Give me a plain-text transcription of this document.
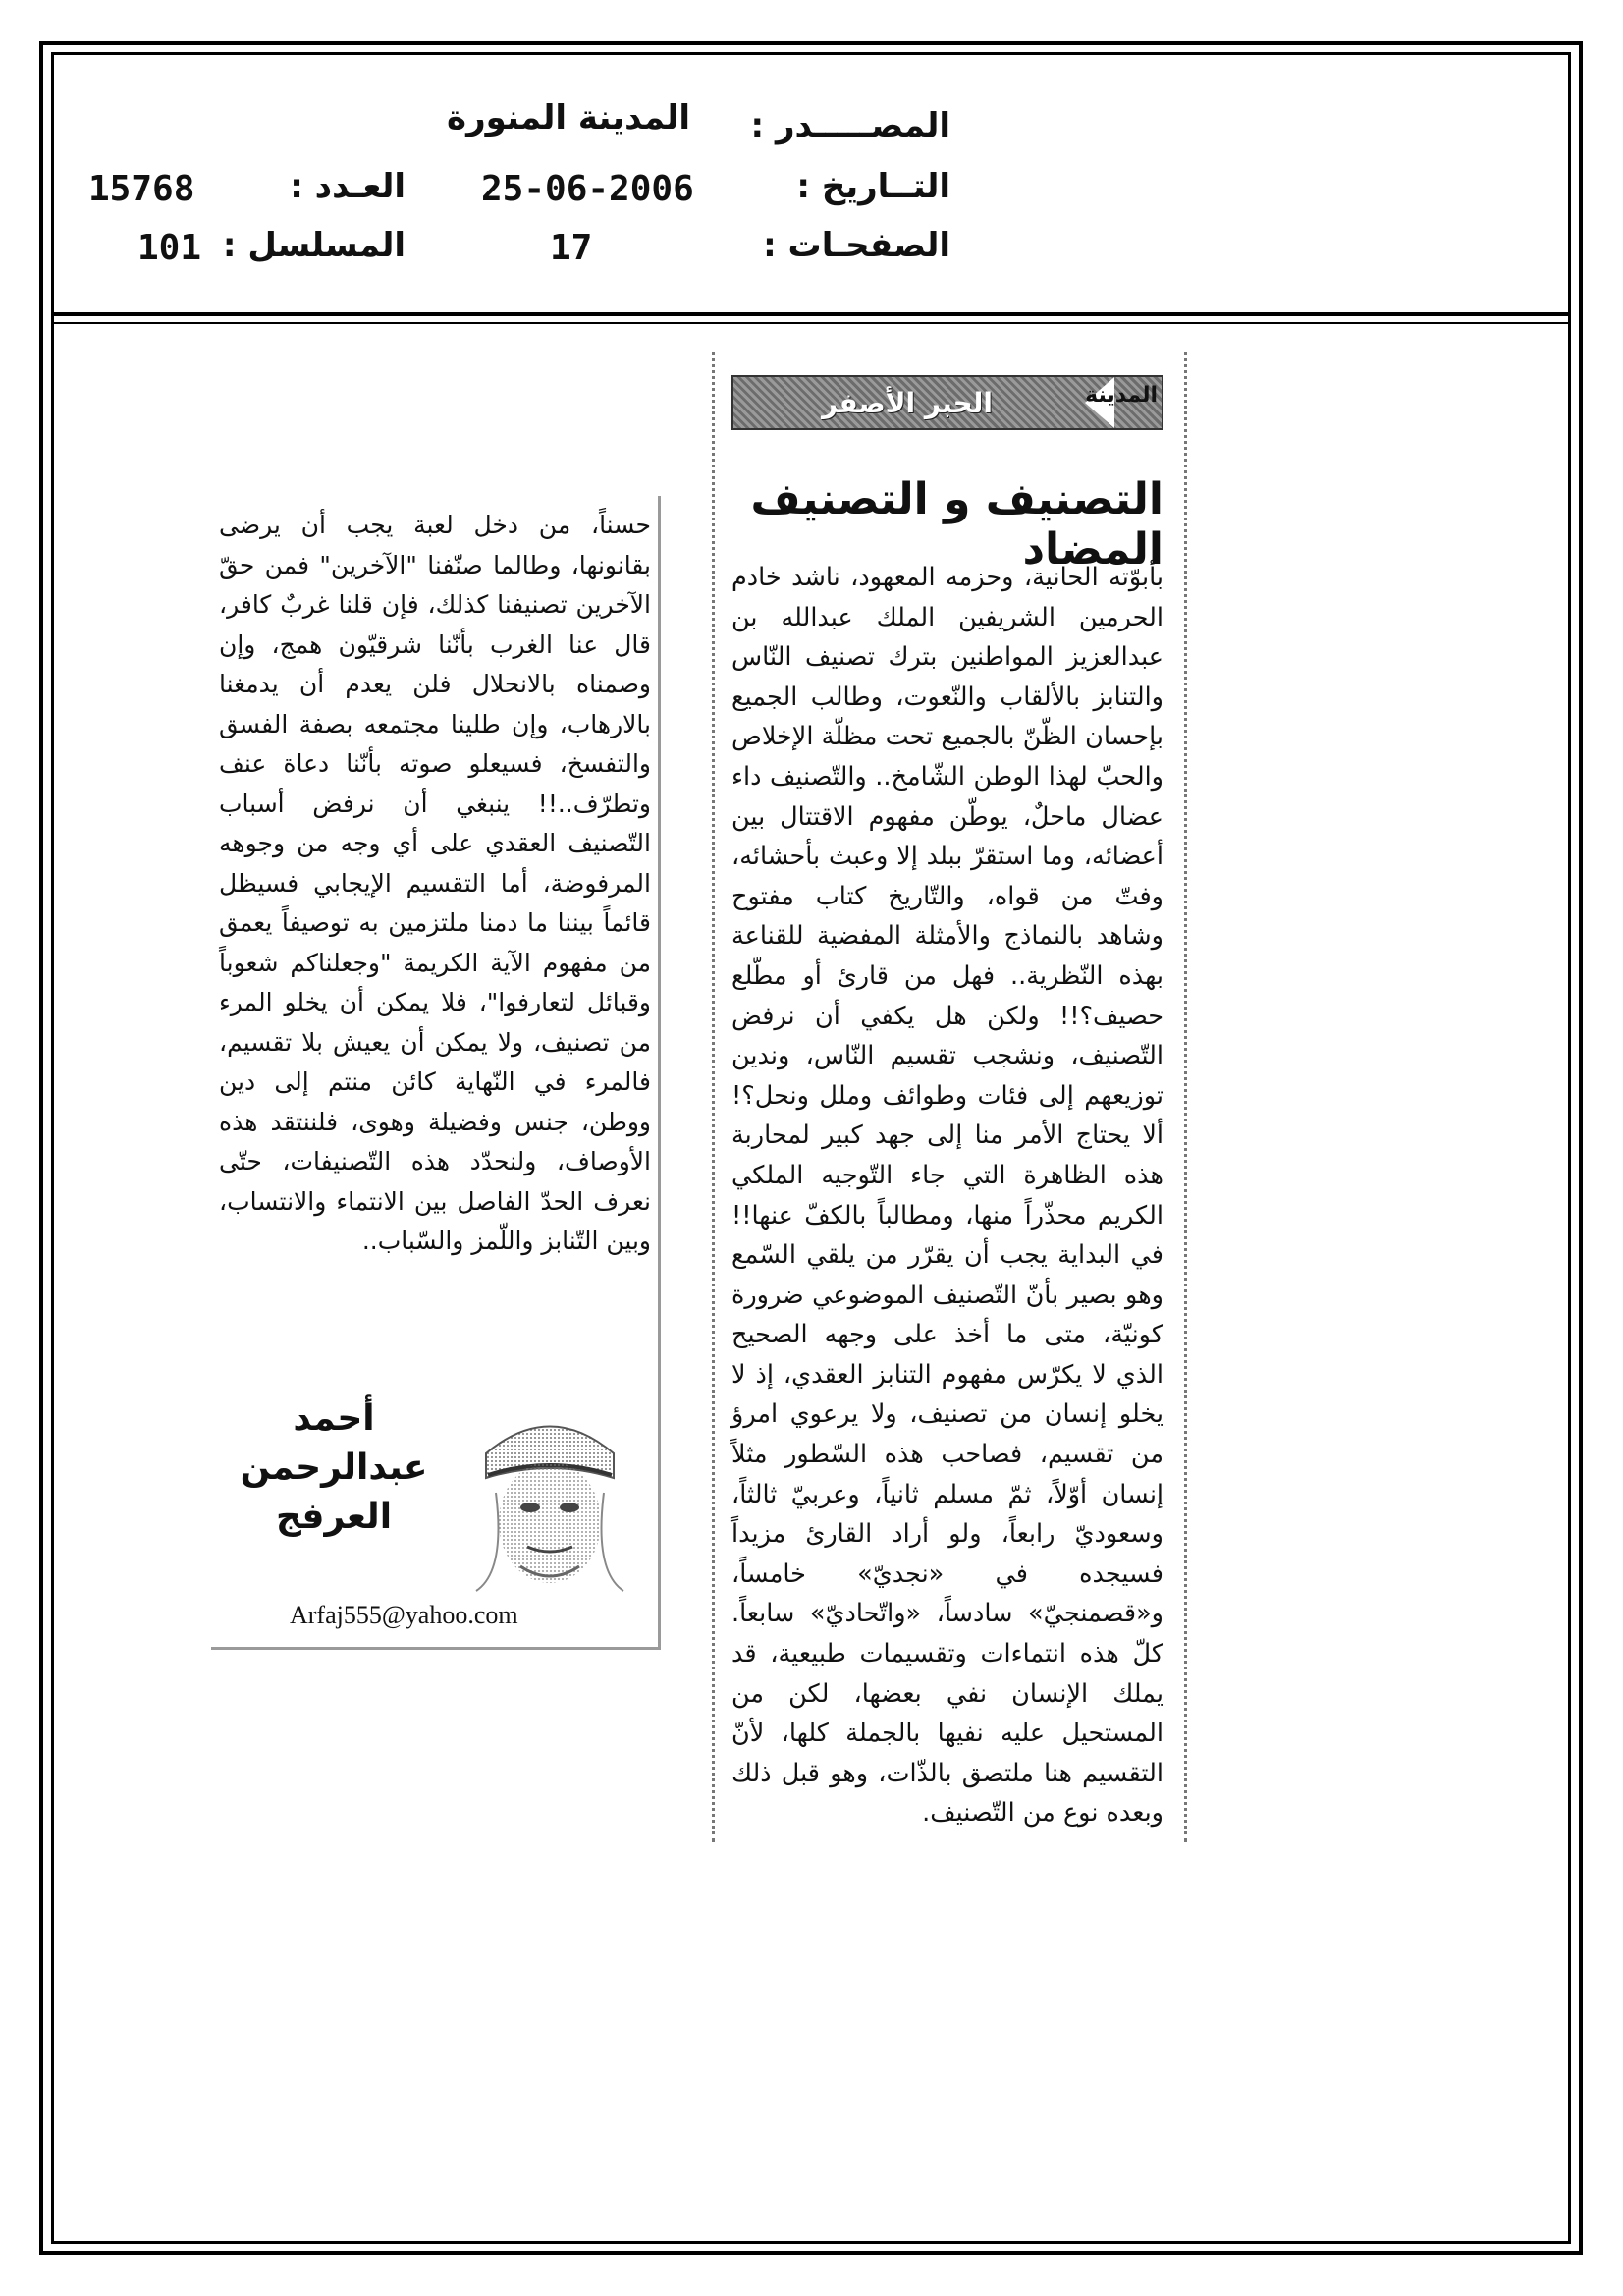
المصـــــدر :
المدينة المنورة
التــاريخ :
25-06-2006
العـدد :
15768
الصفحـات :
17
المسلسل :
101
المدينة
الحبر الأصفر
التصنيف و التصنيف المضاد
بأبوّته الحانية، وحزمه المعهود، ناشد خادم الحرمين الشريفين الملك عبدالله بن عبدالعزيز المواطنين بترك تصنيف النّاس والتنابز بالألقاب والنّعوت، وطالب الجميع بإحسان الظّنّ بالجميع تحت مظلّة الإخلاص والحبّ لهذا الوطن الشّامخ.. والتّصنيف داء عضال ماحلٌ، يوطّن مفهوم الاقتتال بين أعضائه، وما استقرّ ببلد إلا وعبث بأحشائه، وفتّ من قواه، والتّاريخ كتاب مفتوح وشاهد بالنماذج والأمثلة المفضية للقناعة بهذه النّظرية.. فهل من قارئ أو مطّلع حصيف؟!! ولكن هل يكفي أن نرفض التّصنيف، ونشجب تقسيم النّاس، وندين توزيعهم إلى فئات وطوائف وملل ونحل؟! ألا يحتاج الأمر منا إلى جهد كبير لمحاربة هذه الظاهرة التي جاء التّوجيه الملكي الكريم محذّراً منها، ومطالباً بالكفّ عنها!! في البداية يجب أن يقرّر من يلقي السّمع وهو بصير بأنّ التّصنيف الموضوعي ضرورة كونيّة، متى ما أخذ على وجهه الصحيح الذي لا يكرّس مفهوم التنابز العقدي، إذ لا يخلو إنسان من تصنيف، ولا يرعوي امرؤ من تقسيم، فصاحب هذه السّطور مثلاً إنسان أوّلاً، ثمّ مسلم ثانياً، وعربيّ ثالثاً، وسعوديّ رابعاً، ولو أراد القارئ مزيداً فسيجده في «نجديّ» خامساً، و«قصمنجيّ» سادساً، «واتّحاديّ» سابعاً. كلّ هذه انتماءات وتقسيمات طبيعية، قد يملك الإنسان نفي بعضها، لكن من المستحيل عليه نفيها بالجملة كلها، لأنّ التقسيم هنا ملتصق بالذّات، وهو قبل ذلك وبعده نوع من التّصنيف.
حسناً، من دخل لعبة يجب أن يرضى بقانونها، وطالما صنّفنا "الآخرين" فمن حقّ الآخرين تصنيفنا كذلك، فإن قلنا غربٌ كافر، قال عنا الغرب بأنّنا شرقيّون همج، وإن وصمناه بالانحلال فلن يعدم أن يدمغنا بالارهاب، وإن طلينا مجتمعه بصفة الفسق والتفسخ، فسيعلو صوته بأنّنا دعاة عنف وتطرّف..!! ينبغي أن نرفض أسباب التّصنيف العقدي على أي وجه من وجوهه المرفوضة، أما التقسيم الإيجابي فسيظل قائماً بيننا ما دمنا ملتزمين به توصيفاً يعمق من مفهوم الآية الكريمة "وجعلناكم شعوباً وقبائل لتعارفوا"، فلا يمكن أن يخلو المرء من تصنيف، ولا يمكن أن يعيش بلا تقسيم، فالمرء في النّهاية كائن منتم إلى دين ووطن، جنس وفضيلة وهوى، فلننتقد هذه الأوصاف، ولنحدّد هذه التّصنيفات، حتّى نعرف الحدّ الفاصل بين الانتماء والانتساب، وبين التّنابز واللّمز والسّباب..
أحمد عبدالرحمن العرفج
Arfaj555@yahoo.com
